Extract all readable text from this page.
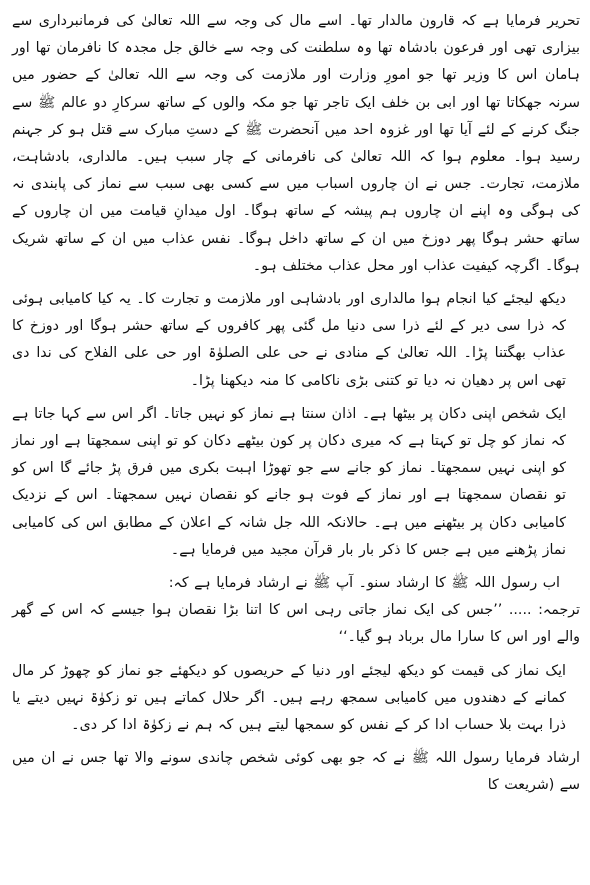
تحریر فرمایا ہے کہ قارون مالدار تھا۔ اسے مال کی وجہ سے اللہ تعالیٰ کی فرمانبرداری سے بیزاری تھی اور فرعون بادشاہ تھا وہ سلطنت کی وجہ سے خالق جل مجدہ کا نافرمان تھا اور ہامان اس کا وزیر تھا جو امورِ وزارت اور ملازمت کی وجہ سے اللہ تعالیٰ کے حضور میں سرنہ جھکاتا تھا اور ابی بن خلف ایک تاجر تھا جو مکہ والوں کے ساتھ سرکارِ دو عالم ﷺ سے جنگ کرنے کے لئے آیا تھا اور غزوہ احد میں آنحضرت ﷺ کے دستِ مبارک سے قتل ہو کر جہنم رسید ہوا۔ معلوم ہوا کہ اللہ تعالیٰ کی نافرمانی کے چار سبب ہیں۔ مالداری، بادشاہت، ملازمت، تجارت۔ جس نے ان چاروں اسباب میں سے کسی بھی سبب سے نماز کی پابندی نہ کی ہوگی وہ اپنے ان چاروں ہم پیشہ کے ساتھ ہوگا۔ اول میدانِ قیامت میں ان چاروں کے ساتھ حشر ہوگا پھر دوزخ میں ان کے ساتھ داخل ہوگا۔ نفس عذاب میں ان کے ساتھ شریک ہوگا۔ اگرچہ کیفیت عذاب اور محل عذاب مختلف ہو۔

دیکھ لیجئے کیا انجام ہوا مالداری اور بادشاہی اور ملازمت و تجارت کا۔ یہ کیا کامیابی ہوئی کہ ذرا سی دیر کے لئے ذرا سی دنیا مل گئی پھر کافروں کے ساتھ حشر ہوگا اور دوزخ کا عذاب بھگتنا پڑا۔ اللہ تعالیٰ کے منادی نے حی علی الصلوٰۃ اور حی علی الفلاح کی ندا دی تھی اس پر دھیان نہ دیا تو کتنی بڑی ناکامی کا منہ دیکھنا پڑا۔

ایک شخص اپنی دکان پر بیٹھا ہے۔ اذان سنتا ہے نماز کو نہیں جاتا۔ اگر اس سے کہا جاتا ہے کہ نماز کو چل تو کہتا ہے کہ میری دکان پر کون بیٹھے دکان کو تو اپنی سمجھتا ہے اور نماز کو اپنی نہیں سمجھتا۔ نماز کو جانے سے جو تھوڑا اہبت بکری میں فرق پڑ جائے گا اس کو تو نقصان سمجھتا ہے اور نماز کے فوت ہو جانے کو نقصان نہیں سمجھتا۔ اس کے نزدیک کامیابی دکان پر بیٹھنے میں ہے۔ حالانکہ اللہ جل شانہ کے اعلان کے مطابق اس کی کامیابی نماز پڑھنے میں ہے جس کا ذکر بار بار قرآن مجید میں فرمایا ہے۔

اب رسول اللہ ﷺ کا ارشاد سنو۔ آپ ﷺ نے ارشاد فرمایا ہے کہ:

ترجمہ: ..... ’’جس کی ایک نماز جاتی رہی اس کا اتنا بڑا نقصان ہوا جیسے کہ اس کے گھر والے اور اس کا سارا مال برباد ہو گیا۔‘‘

ایک نماز کی قیمت کو دیکھ لیجئے اور دنیا کے حریصوں کو دیکھئے جو نماز کو چھوڑ کر مال کمانے کے دھندوں میں کامیابی سمجھ رہے ہیں۔ اگر حلال کماتے ہیں تو زکوٰۃ نہیں دیتے یا ذرا بہت بلا حساب ادا کر کے نفس کو سمجھا لیتے ہیں کہ ہم نے زکوٰۃ ادا کر دی۔

ارشاد فرمایا رسول اللہ ﷺ نے کہ جو بھی کوئی شخص چاندی سونے والا تھا جس نے ان میں سے (شریعت کا
